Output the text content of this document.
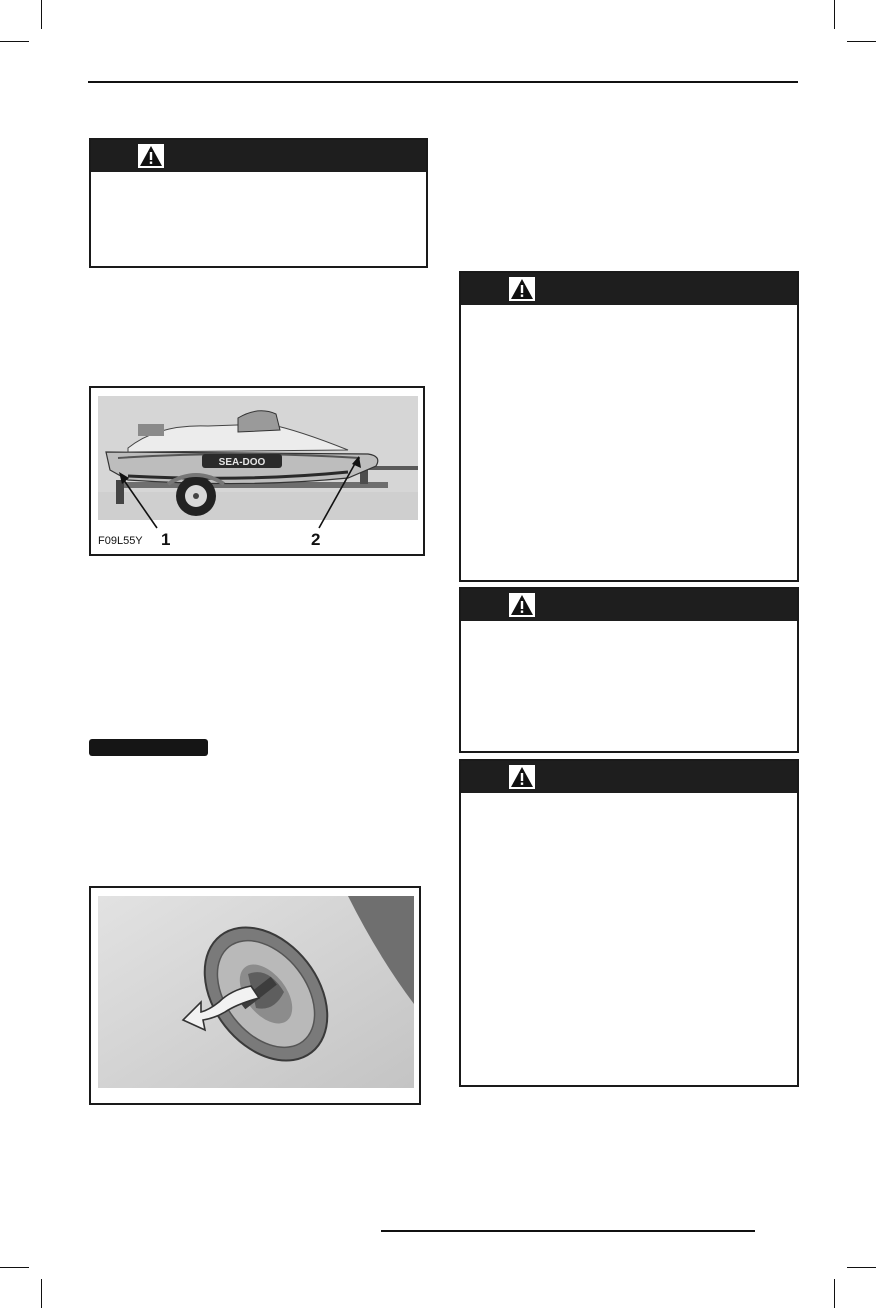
SEA-DOO
F09L55Y 1	2
